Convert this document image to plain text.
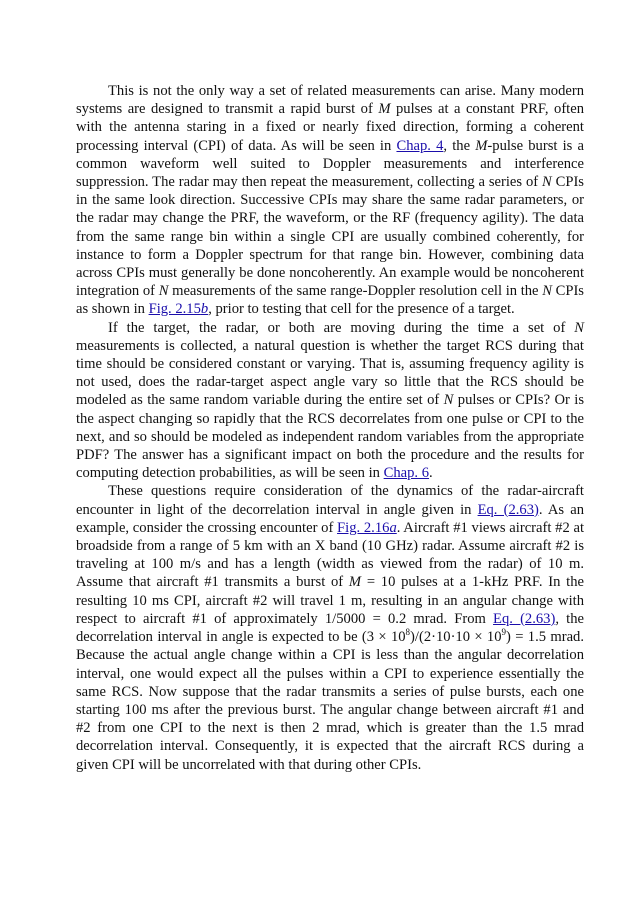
This is not the only way a set of related measurements can arise. Many modern systems are designed to transmit a rapid burst of M pulses at a constant PRF, often with the antenna staring in a fixed or nearly fixed direction, forming a coherent processing interval (CPI) of data. As will be seen in Chap. 4, the M-pulse burst is a common waveform well suited to Doppler measurements and interference suppression. The radar may then repeat the measurement, collecting a series of N CPIs in the same look direction. Successive CPIs may share the same radar parameters, or the radar may change the PRF, the waveform, or the RF (frequency agility). The data from the same range bin within a single CPI are usually combined coherently, for instance to form a Doppler spectrum for that range bin. However, combining data across CPIs must generally be done noncoherently. An example would be noncoherent integration of N measurements of the same range-Doppler resolution cell in the N CPIs as shown in Fig. 2.15b, prior to testing that cell for the presence of a target.

If the target, the radar, or both are moving during the time a set of N measurements is collected, a natural question is whether the target RCS during that time should be considered constant or varying. That is, assuming frequency agility is not used, does the radar-target aspect angle vary so little that the RCS should be modeled as the same random variable during the entire set of N pulses or CPIs? Or is the aspect changing so rapidly that the RCS decorrelates from one pulse or CPI to the next, and so should be modeled as independent random variables from the appropriate PDF? The answer has a significant impact on both the procedure and the results for computing detection probabilities, as will be seen in Chap. 6.

These questions require consideration of the dynamics of the radar-aircraft encounter in light of the decorrelation interval in angle given in Eq. (2.63). As an example, consider the crossing encounter of Fig. 2.16a. Aircraft #1 views aircraft #2 at broadside from a range of 5 km with an X band (10 GHz) radar. Assume aircraft #2 is traveling at 100 m/s and has a length (width as viewed from the radar) of 10 m. Assume that aircraft #1 transmits a burst of M = 10 pulses at a 1-kHz PRF. In the resulting 10 ms CPI, aircraft #2 will travel 1 m, resulting in an angular change with respect to aircraft #1 of approximately 1/5000 = 0.2 mrad. From Eq. (2.63), the decorrelation interval in angle is expected to be $(3 \times 10^8)/(2\cdot 10\cdot 10 \times 10^9) = 1.5$ mrad. Because the actual angle change within a CPI is less than the angular decorrelation interval, one would expect all the pulses within a CPI to experience essentially the same RCS. Now suppose that the radar transmits a series of pulse bursts, each one starting 100 ms after the previous burst. The angular change between aircraft #1 and #2 from one CPI to the next is then 2 mrad, which is greater than the 1.5 mrad decorrelation interval. Consequently, it is expected that the aircraft RCS during a given CPI will be uncorrelated with that during other CPIs.
